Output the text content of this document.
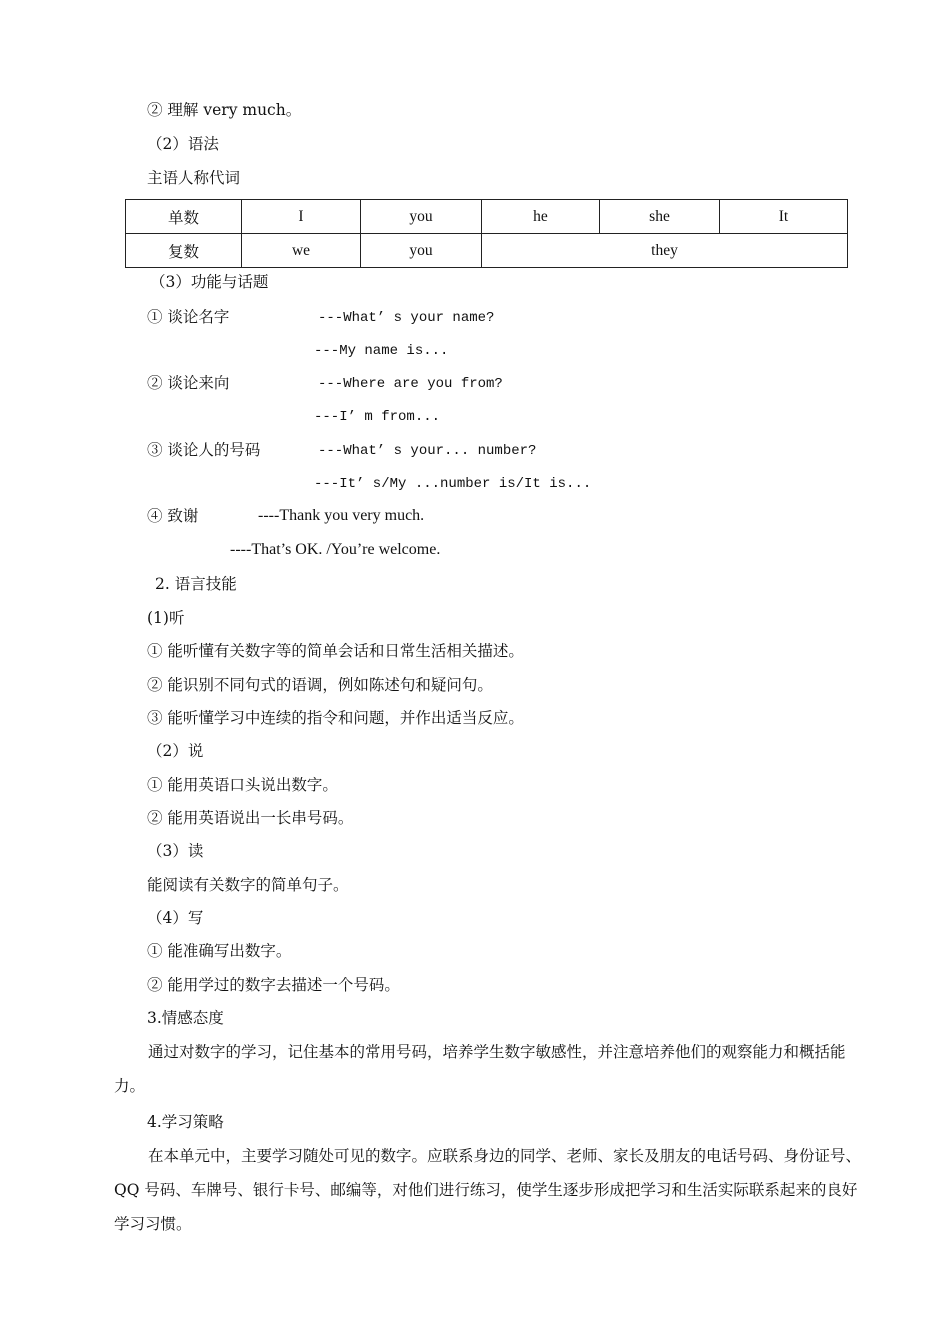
② 理解 very much。
（2）语法
主语人称代词
单数	I	you	he	she	It
复数	we	you	they		
（3）功能与话题
① 谈论名字	---What’ s your name?
---My name is...
② 谈论来向	---Where are you from?
---I’ m from...
③ 谈论人的号码	---What’ s your... number?
---It’ s/My ...number is/It is...
④ 致谢	----Thank you very much.
----That’s OK. /You’re welcome.
2. 语言技能
(1)听
① 能听懂有关数字等的简单会话和日常生活相关描述。
② 能识别不同句式的语调，例如陈述句和疑问句。
③ 能听懂学习中连续的指令和问题，并作出适当反应。
（2）说
① 能用英语口头说出数字。
② 能用英语说出一长串号码。
（3）读
能阅读有关数字的简单句子。
（4）写
① 能准确写出数字。
② 能用学过的数字去描述一个号码。
3.情感态度
通过对数字的学习，记住基本的常用号码，培养学生数字敏感性，并注意培养他们的观察能力和概括能力。
4.学习策略
在本单元中，主要学习随处可见的数字。应联系身边的同学、老师、家长及朋友的电话号码、身份证号、QQ 号码、车牌号、银行卡号、邮编等，对他们进行练习，使学生逐步形成把学习和生活实际联系起来的良好学习习惯。
